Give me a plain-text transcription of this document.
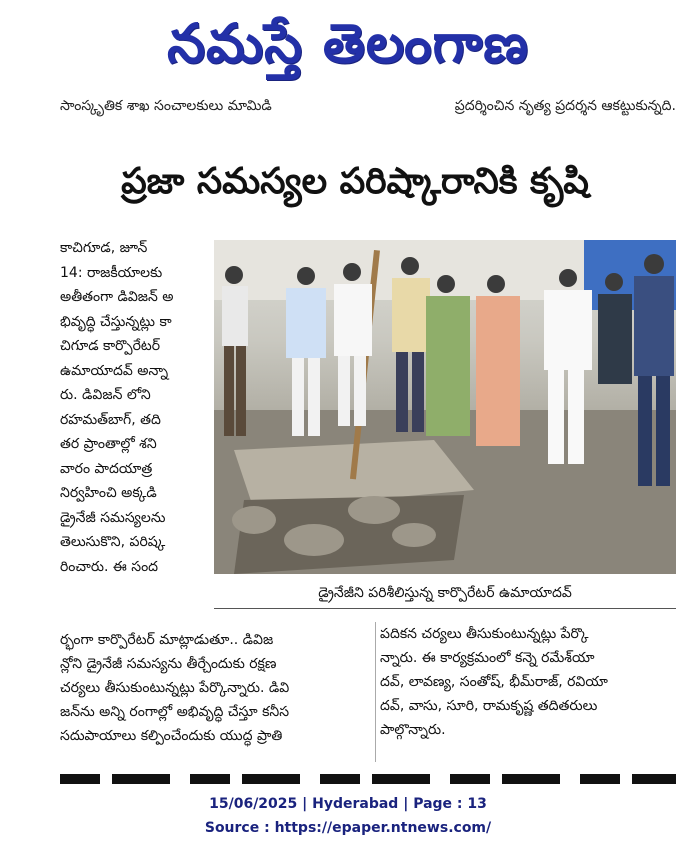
నమస్తే తెలంగాణ
సాంస్కృతిక శాఖ సంచాలకులు మామిడి	ప్రదర్శించిన నృత్య ప్రదర్శన ఆకట్టుకున్నది.
ప్రజా సమస్యల పరిష్కారానికి కృషి

కాచిగూడ, జూన్

14: రాజకీయాలకు

అతీతంగా డివిజన్ అ

భివృద్ధి చేస్తున్నట్లు కా

చిగూడ కార్పొరేటర్

ఉమాయాదవ్ అన్నా

రు. డివిజన్ లోని

రహమత్‌బాగ్, తది

తర ప్రాంతాల్లో శని

వారం పాదయాత్ర

నిర్వహించి అక్కడి

డ్రైనేజీ సమస్యలను

తెలుసుకొని, పరిష్క

రించారు. ఈ సంద

డ్రైనేజీని పరిశీలిస్తున్న కార్పొరేటర్ ఉమాయాదవ్

ర్భంగా కార్పొరేటర్ మాట్లాడుతూ.. డివిజ

న్లోని డ్రైనేజీ సమస్యను తీర్చేందుకు రక్షణ

చర్యలు తీసుకుంటున్నట్లు పేర్కొన్నారు. డివి

జన్‌ను అన్ని రంగాల్లో అభివృద్ధి చేస్తూ కనీస

సదుపాయాలు కల్పించేందుకు యుద్ధ ప్రాతి

పదికన చర్యలు తీసుకుంటున్నట్లు పేర్కొ

న్నారు. ఈ కార్యక్రమంలో కన్నె రమేశ్‌యా

దవ్, లావణ్య, సంతోష్, భీమ్‌రాజ్, రవియా

దవ్, వాసు, సూరి, రామకృష్ణ తదితరులు

పాల్గొన్నారు.

15/06/2025 | Hyderabad | Page : 13
Source : https://epaper.ntnews.com/
